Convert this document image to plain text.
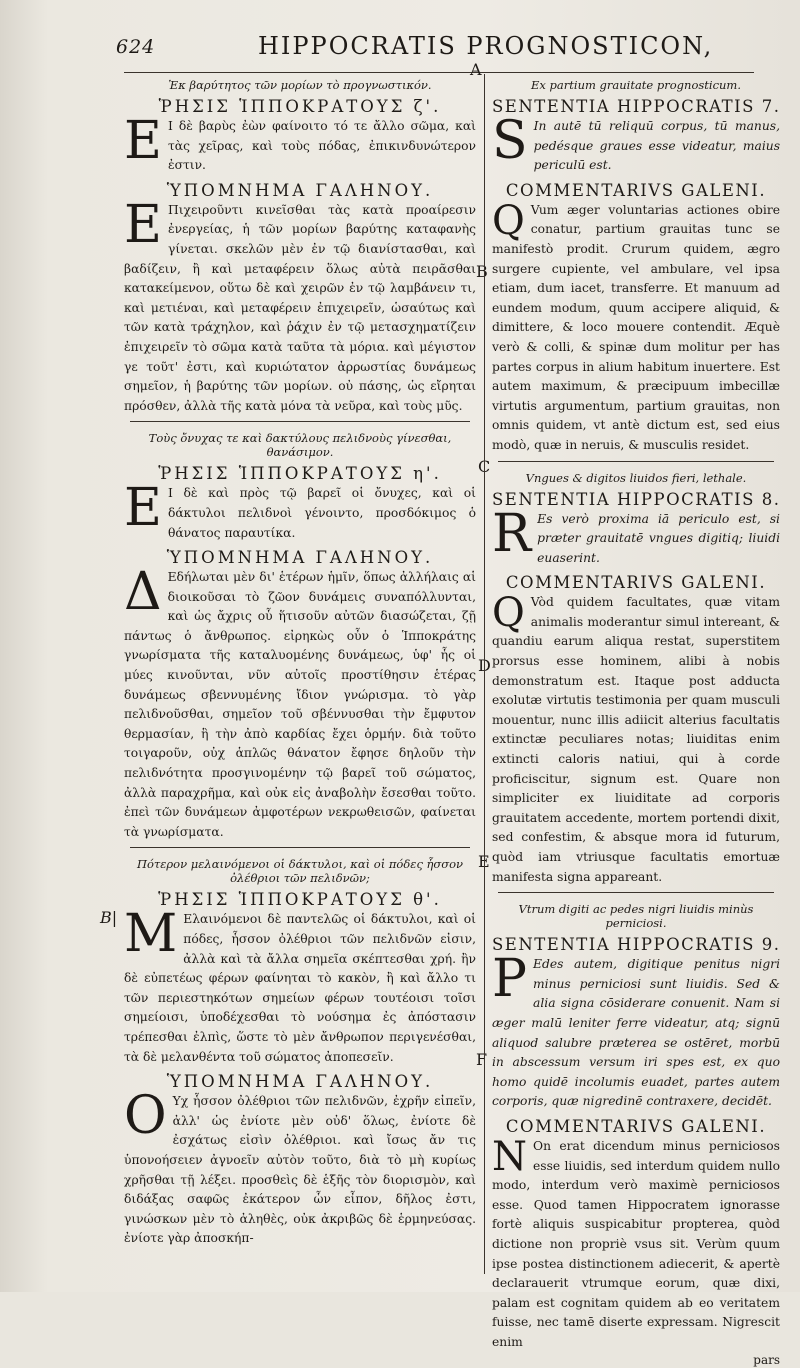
624	HIPPOCRATIS PROGNOSTICON,
A
B
C
D
E
F
B|
Ἐκ βαρύτητος τῶν μορίων τὸ προγνωστικόν.
ῬΗΣΙΣ ἹΠΠΟΚΡΑΤΟΥΣ ζ'.

E Ι δὲ βαρὺς ἐὼν φαίνοιτο τό τε ἄλλο σῶμα, καὶ τὰς χεῖρας, καὶ τοὺς πόδας, ἐπικινδυνώτερον ἐστιν.

ὙΠΟΜΝΗΜΑ ΓΑΛΗΝΟΥ.

E Πιχειροῦντι κινεῖσθαι τὰς κατὰ προαίρεσιν ἐνεργείας, ἡ τῶν μορίων βαρύτης καταφανὴς γίνεται. σκελῶν μὲν ἐν τῷ διανίστασθαι, καὶ βαδίζειν, ἢ καὶ μεταφέρειν ὅλως αὐτὰ πειρᾶσθαι κατακείμενον, οὕτω δὲ καὶ χειρῶν ἐν τῷ λαμβάνειν τι, καὶ μετιέναι, καὶ μεταφέρειν ἐπιχειρεῖν, ὡσαύτως καὶ τῶν κατὰ τράχηλον, καὶ ῥάχιν ἐν τῷ μετασχηματίζειν ἐπιχειρεῖν τὸ σῶμα κατὰ ταῦτα τὰ μόρια. καὶ μέγιστον γε τοῦτ' ἐστι, καὶ κυριώτατον ἀρρωστίας δυνάμεως σημεῖον, ἡ βαρύτης τῶν μορίων. οὐ πάσης, ὡς εἴρηται πρόσθεν, ἀλλὰ τῆς κατὰ μόνα τὰ νεῦρα, καὶ τοὺς μῦς.

Τοὺς ὄνυχας τε καὶ δακτύλους πελιδνοὺς γίνεσθαι, θανάσιμον.
ῬΗΣΙΣ ἹΠΠΟΚΡΑΤΟΥΣ η'.

E Ι δὲ καὶ πρὸς τῷ βαρεῖ οἱ ὄνυχες, καὶ οἱ δάκτυλοι πελιδνοὶ γένοιντο, προσδόκιμος ὁ θάνατος παραυτίκα.

ὙΠΟΜΝΗΜΑ ΓΑΛΗΝΟΥ.

Δ Εδήλωται μὲν δι' ἑτέρων ἡμῖν, ὅπως ἀλλήλαις αἱ διοικοῦσαι τὸ ζῶον δυνάμεις συναπόλλυνται, καὶ ὡς ἄχρις οὗ ἥτισοῦν αὐτῶν διασώζεται, ζῇ πάντως ὁ ἄνθρωπος. εἰρηκὼς οὖν ὁ Ἱπποκράτης γνωρίσματα τῆς καταλυομένης δυνάμεως, ὑφ' ἧς οἱ μύες κινοῦνται, νῦν αὐτοῖς προστίθησιν ἑτέρας δυνάμεως σβεννυμένης ἴδιον γνώρισμα. τὸ γὰρ πελιδνοῦσθαι, σημεῖον τοῦ σβέννυσθαι τὴν ἔμφυτον θερμασίαν, ἣ τὴν ἀπὸ καρδίας ἔχει ὁρμήν. διὰ τοῦτο τοιγαροῦν, οὐχ ἁπλῶς θάνατον ἔφησε δηλοῦν τὴν πελιδνότητα προσγινομένην τῷ βαρεῖ τοῦ σώματος, ἀλλὰ παραχρῆμα, καὶ οὐκ εἰς ἀναβολὴν ἔσεσθαι τοῦτο. ἐπεὶ τῶν δυνάμεων ἀμφοτέρων νεκρωθεισῶν, φαίνεται τὰ γνωρίσματα.

Πότερον μελαινόμενοι οἱ δάκτυλοι, καὶ οἱ πόδες ἧσσον ὀλέθριοι τῶν πελιδνῶν;
ῬΗΣΙΣ ἹΠΠΟΚΡΑΤΟΥΣ θ'.

M Ελαινόμενοι δὲ παντελῶς οἱ δάκτυλοι, καὶ οἱ πόδες, ἧσσον ὀλέθριοι τῶν πελιδνῶν εἰσιν, ἀλλὰ καὶ τὰ ἄλλα σημεῖα σκέπτεσθαι χρή. ἢν δὲ εὐπετέως φέρων φαίνηται τὸ κακὸν, ἢ καὶ ἄλλο τι τῶν περιεστηκότων σημείων φέρων τουτέοισι τοῖσι σημείοισι, ὑποδέχεσθαι τὸ νούσημα ἐς ἀπόστασιν τρέπεσθαι ἐλπὶς, ὥστε τὸ μὲν ἄνθρωπον περιγενέσθαι, τὰ δὲ μελανθέντα τοῦ σώματος ἀποπεσεῖν.

ὙΠΟΜΝΗΜΑ ΓΑΛΗΝΟΥ.

O Υχ ἧσσον ὀλέθριοι τῶν πελιδνῶν, ἐχρῆν εἰπεῖν, ἀλλ' ὡς ἐνίοτε μὲν οὐδ' ὅλως, ἐνίοτε δὲ ἐσχάτως εἰσὶν ὀλέθριοι. καὶ ἴσως ἄν τις ὑπονοήσειεν ἀγνοεῖν αὐτὸν τοῦτο, διὰ τὸ μὴ κυρίως χρῆσθαι τῇ λέξει. προσθεὶς δὲ ἑξῆς τὸν διορισμὸν, καὶ διδάξας σαφῶς ἐκάτερον ὧν εἶπον, δῆλος ἐστι, γινώσκων μὲν τὸ ἀληθὲς, οὐκ ἀκριβῶς δὲ ἑρμηνεύσας. ἐνίοτε γὰρ ἀποσκήπ-

Ex partium grauitate prognosticum.
SENTENTIA HIPPOCRATIS 7.

S In autē tū reliquū corpus, tū manus, pedésque graues esse videatur, maius periculū est.

COMMENTARIVS GALENI.

Q Vum æger voluntarias actiones obire conatur, partium grauitas tunc se manifestò prodit. Crurum quidem, ægro surgere cupiente, vel ambulare, vel ipsa etiam, dum iacet, transferre. Et manuum ad eundem modum, quum accipere aliquid, & dimittere, & loco mouere contendit. Æquè verò & colli, & spinæ dum molitur per has partes corpus in alium habitum inuertere. Est autem maximum, & præcipuum imbecillæ virtutis argumentum, partium grauitas, non omnis quidem, vt antè dictum est, sed eius modò, quæ in neruis, & musculis residet.

Vngues & digitos liuidos fieri, lethale.
SENTENTIA HIPPOCRATIS 8.

R Es verò proxima iā periculo est, si præter grauitatē vngues digitiq; liuidi euaserint.

COMMENTARIVS GALENI.

Q Vòd quidem facultates, quæ vitam animalis moderantur simul intereant, & quandiu earum aliqua restat, superstitem prorsus esse hominem, alibi à nobis demonstratum est. Itaque post adducta exolutæ virtutis testimonia per quam musculi mouentur, nunc illis adiicit alterius facultatis extinctæ peculiares notas; liuiditas enim extincti caloris natiui, qui à corde proficiscitur, signum est. Quare non simpliciter ex liuiditate ad corporis grauitatem accedente, mortem portendi dixit, sed confestim, & absque mora id futurum, quòd iam vtriusque facultatis emortuæ manifesta signa appareant.

Vtrum digiti ac pedes nigri liuidis minùs perniciosi.
SENTENTIA HIPPOCRATIS 9.

P Edes autem, digitique penitus nigri minus perniciosi sunt liuidis. Sed & alia signa cōsiderare conuenit. Nam si æger malū leniter ferre videatur, atq; signū aliquod salubre præterea se ostēret, morbū in abscessum versum iri spes est, ex quo homo quidē incolumis euadet, partes autem corporis, quæ nigredinē contraxere, decidēt.

COMMENTARIVS GALENI.

N On erat dicendum minus perniciosos esse liuidis, sed interdum quidem nullo modo, interdum verò maximè perniciosos esse. Quod tamen Hippocratem ignorasse fortè aliquis suspicabitur propterea, quòd dictione non propriè vsus sit. Verùm quum ipse postea distinctionem adiecerit, & apertè declarauerit vtrumque eorum, quæ dixi, palam est cognitam quidem ab eo veritatem fuisse, nec tamē diserte expressam. Nigrescit enim

pars
